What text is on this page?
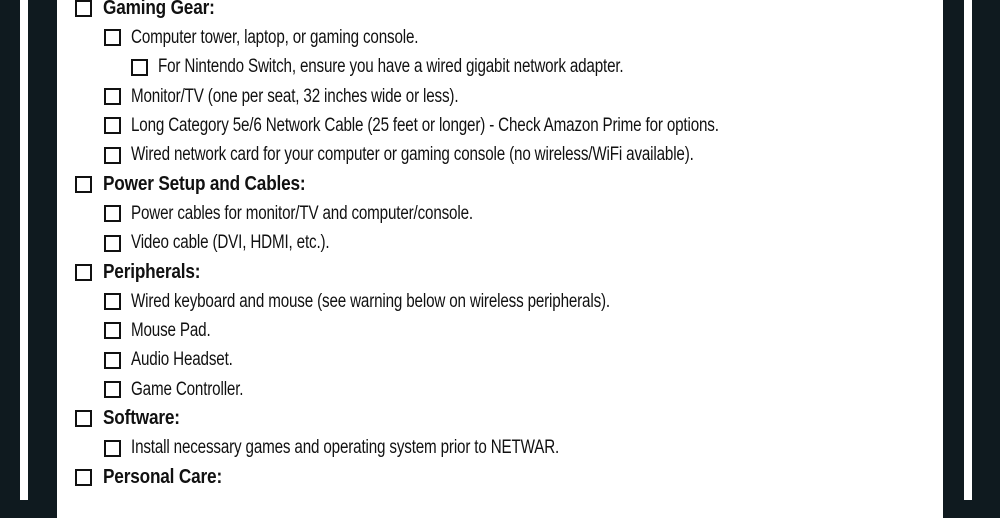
Gaming Gear:
Computer tower, laptop, or gaming console.
For Nintendo Switch, ensure you have a wired gigabit network adapter.
Monitor/TV (one per seat, 32 inches wide or less).
Long Category 5e/6 Network Cable (25 feet or longer) - Check Amazon Prime for options.
Wired network card for your computer or gaming console (no wireless/WiFi available).
Power Setup and Cables:
Power cables for monitor/TV and computer/console.
Video cable (DVI, HDMI, etc.).
Peripherals:
Wired keyboard and mouse (see warning below on wireless peripherals).
Mouse Pad.
Audio Headset.
Game Controller.
Software:
Install necessary games and operating system prior to NETWAR.
Personal Care:
